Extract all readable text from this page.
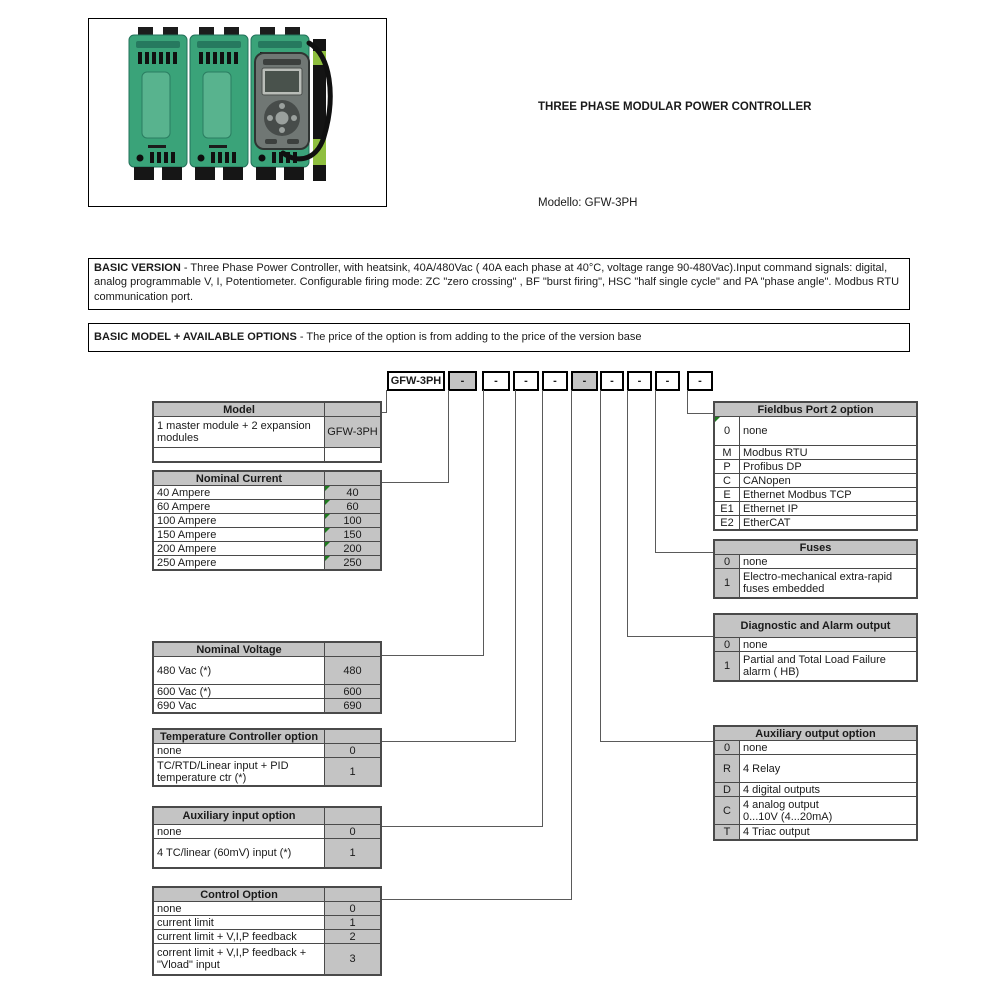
THREE PHASE MODULAR POWER CONTROLLER
Modello: GFW-3PH
BASIC VERSION - Three Phase Power Controller, with heatsink, 40A/480Vac ( 40A each phase at 40°C, voltage range 90-480Vac).Input command signals: digital, analog programmable V, I, Potentiometer. Configurable firing mode: ZC "zero crossing" , BF "burst firing", HSC "half single cycle" and PA "phase angle". Modbus RTU communication port.
BASIC MODEL + AVAILABLE OPTIONS - The price of the option is from adding to the price of the version base
GFW-3PH	-	-	-	-	-	-	-	-	-
Model
1 master module + 2 expansion modules	GFW-3PH
Nominal Current
40 Ampere	40
60 Ampere	60
100 Ampere	100
150 Ampere	150
200 Ampere	200
250 Ampere	250
Nominal Voltage
480 Vac (*)	480
600 Vac (*)	600
690 Vac	690
Temperature Controller option
none	0
TC/RTD/Linear input + PID temperature ctr (*)	1
Auxiliary input option
none	0
4 TC/linear (60mV) input (*)	1
Control Option
none	0
current limit	1
current limit + V,I,P feedback	2
corrent limit + V,I,P feedback + "Vload" input	3
Fieldbus Port 2 option
0 none
M	Modbus RTU
P	Profibus DP
C	CANopen
E	Ethernet Modbus TCP
E1 Ethernet IP
E2 EtherCAT
Fuses
0	none
1	Electro-mechanical extra-rapid fuses embedded
Diagnostic and Alarm output
0	none
1	Partial and Total Load Failure alarm ( HB)
Auxiliary output option
0	none
R	4 Relay
D	4 digital outputs
C	4 analog output
0...10V (4...20mA)
T	4 Triac output
